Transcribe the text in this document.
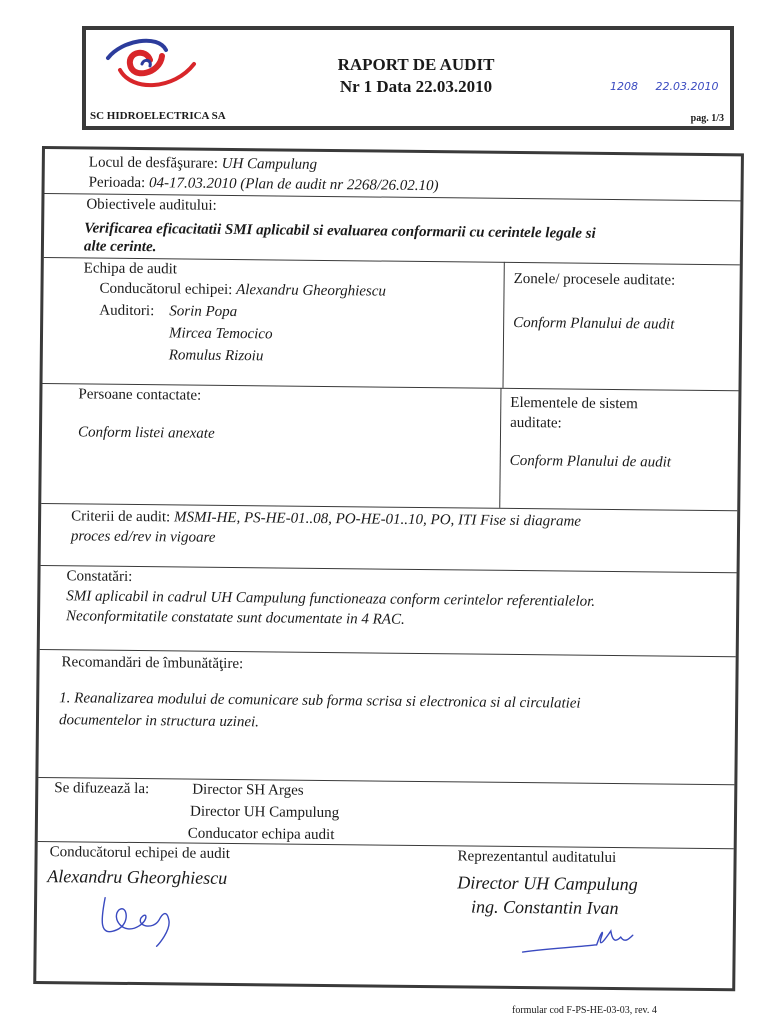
RAPORT DE AUDIT
Nr 1 Data 22.03.2010	1208     22.03.2010
SC HIDROELECTRICA SA	pag. 1/3
Locul de desfăşurare: UH Campulung
Perioada: 04-17.03.2010 (Plan de audit nr 2268/26.02.10)
Obiectivele auditului:
Verificarea eficacitatii SMI aplicabil si evaluarea conformarii cu cerintele legale si
alte cerinte.
Echipa de audit
Conducătorul echipei: Alexandru Gheorghiescu
Auditori: Sorin Popa
Mircea Temocico
Romulus Rizoiu
Zonele/ procesele auditate:
Conform Planului de audit
Persoane contactate:
Conform listei anexate
Elementele de sistem
auditate:
Conform Planului de audit
Criterii de audit: MSMI-HE, PS-HE-01..08, PO-HE-01..10, PO, ITI Fise si diagrame
proces ed/rev in vigoare
Constatări:
SMI aplicabil in cadrul UH Campulung functioneaza conform cerintelor referentialelor.
Neconformitatile constatate sunt documentate in 4 RAC.
Recomandări de îmbunătăţire:
1. Reanalizarea modului de comunicare sub forma scrisa si electronica si al circulatiei
documentelor in structura uzinei.
Se difuzează la:	Director SH Arges
Director UH Campulung
Conducator echipa audit
Conducătorul echipei de audit
Alexandru Gheorghiescu
Reprezentantul auditatului
Director UH Campulung
ing. Constantin Ivan
formular cod F-PS-HE-03-03, rev. 4
